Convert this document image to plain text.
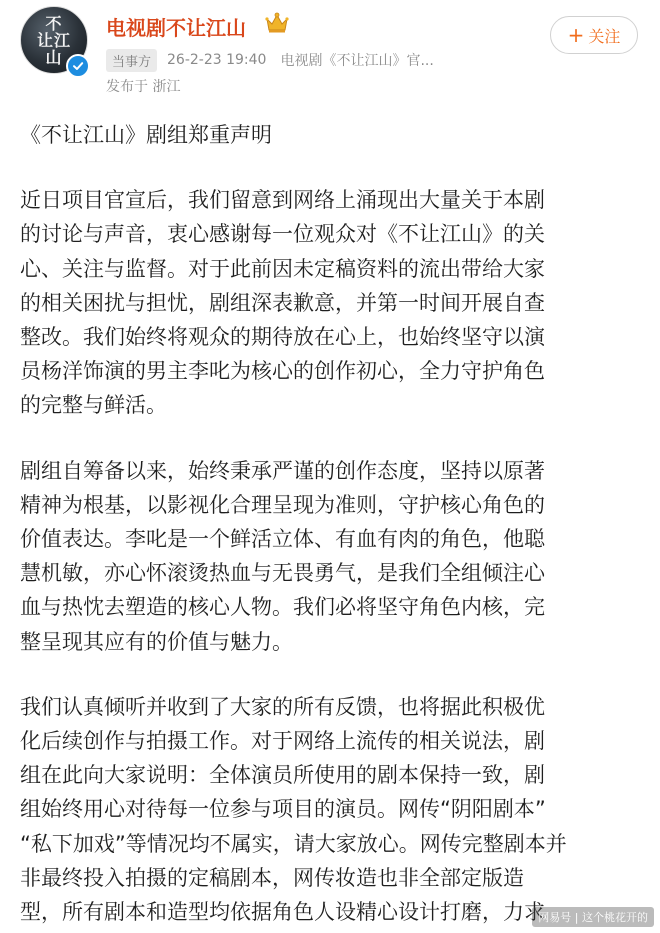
不
让江
山
电视剧不让江山
当事方	26-2-23 19:40 电视剧《不让江山》官...
发布于 浙江
+ 关注

《不让江山》剧组郑重声明

近日项目官宣后，我们留意到网络上涌现出大量关于本剧
的讨论与声音，衷心感谢每一位观众对《不让江山》的关
心、关注与监督。对于此前因未定稿资料的流出带给大家
的相关困扰与担忧，剧组深表歉意，并第一时间开展自查
整改。我们始终将观众的期待放在心上，也始终坚守以演
员杨洋饰演的男主李叱为核心的创作初心，全力守护角色
的完整与鲜活。

剧组自筹备以来，始终秉承严谨的创作态度，坚持以原著
精神为根基，以影视化合理呈现为准则，守护核心角色的
价值表达。李叱是一个鲜活立体、有血有肉的角色，他聪
慧机敏，亦心怀滚烫热血与无畏勇气，是我们全组倾注心
血与热忱去塑造的核心人物。我们必将坚守角色内核，完
整呈现其应有的价值与魅力。

我们认真倾听并收到了大家的所有反馈，也将据此积极优
化后续创作与拍摄工作。对于网络上流传的相关说法，剧
组在此向大家说明：全体演员所使用的剧本保持一致，剧
组始终用心对待每一位参与项目的演员。网传“阴阳剧本”
“私下加戏”等情况均不属实，请大家放心。网传完整剧本并
非最终投入拍摄的定稿剧本，网传妆造也非全部定版造
型，所有剧本和造型均依据角色人设精心设计打磨，力求

网易号 | 这个桃花开的
